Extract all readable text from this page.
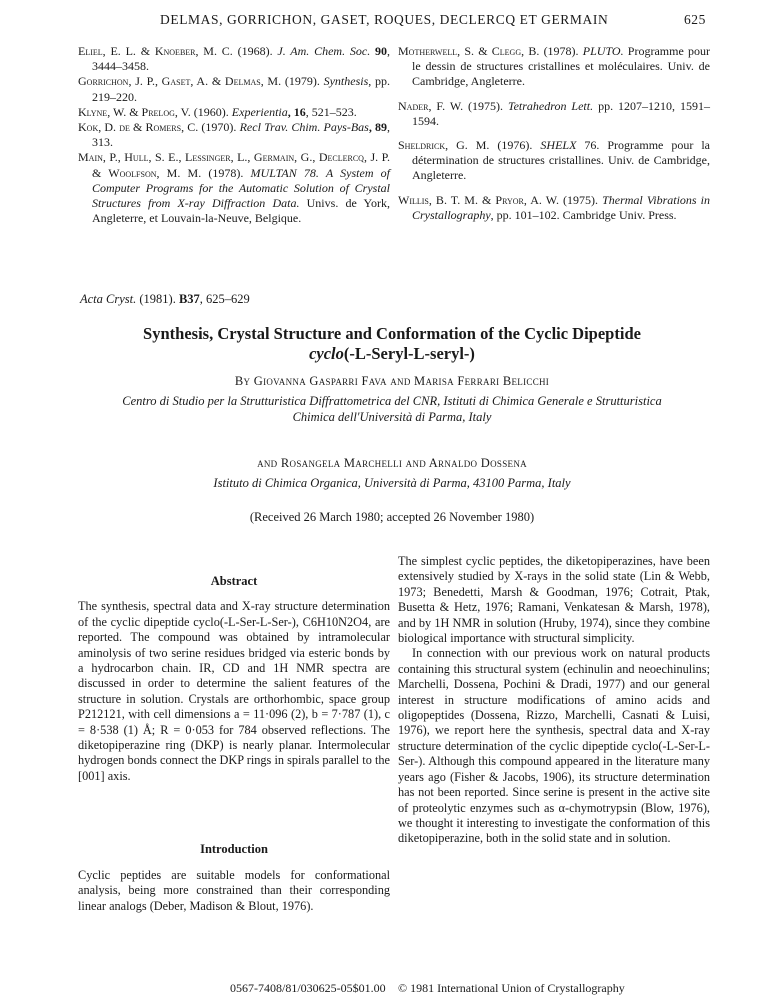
DELMAS, GORRICHON, GASET, ROQUES, DECLERCQ ET GERMAIN	625

Eliel, E. L. & Knoeber, M. C. (1968). J. Am. Chem. Soc. 90, 3444–3458.

Gorrichon, J. P., Gaset, A. & Delmas, M. (1979). Synthesis, pp. 219–220.

Klyne, W. & Prelog, V. (1960). Experientia, 16, 521–523.

Kok, D. de & Romers, C. (1970). Recl Trav. Chim. Pays-Bas, 89, 313.

Main, P., Hull, S. E., Lessinger, L., Germain, G., Declercq, J. P. & Woolfson, M. M. (1978). MULTAN 78. A System of Computer Programs for the Automatic Solution of Crystal Structures from X-ray Diffraction Data. Univs. de York, Angleterre, et Louvain-la-Neuve, Belgique.

Motherwell, S. & Clegg, B. (1978). PLUTO. Programme pour le dessin de structures cristallines et moléculaires. Univ. de Cambridge, Angleterre.

Nader, F. W. (1975). Tetrahedron Lett. pp. 1207–1210, 1591–1594.

Sheldrick, G. M. (1976). SHELX 76. Programme pour la détermination de structures cristallines. Univ. de Cambridge, Angleterre.

Willis, B. T. M. & Pryor, A. W. (1975). Thermal Vibrations in Crystallography, pp. 101–102. Cambridge Univ. Press.

Acta Cryst. (1981). B37, 625–629
Synthesis, Crystal Structure and Conformation of the Cyclic Dipeptide
cyclo(-L-Seryl-L-seryl-)
By Giovanna Gasparri Fava and Marisa Ferrari Belicchi
Centro di Studio per la Strutturistica Diffrattometrica del CNR, Istituti di Chimica Generale e Strutturistica
Chimica dell'Università di Parma, Italy
and Rosangela Marchelli and Arnaldo Dossena
Istituto di Chimica Organica, Università di Parma, 43100 Parma, Italy
(Received 26 March 1980; accepted 26 November 1980)
Abstract

The synthesis, spectral data and X-ray structure determination of the cyclic dipeptide cyclo(-L-Ser-L-Ser-), C6H10N2O4, are reported. The compound was obtained by intramolecular aminolysis of two serine residues bridged via esteric bonds by a hydrocarbon chain. IR, CD and 1H NMR spectra are discussed in order to determine the salient features of the structure in solution. Crystals are orthorhombic, space group P212121, with cell dimensions a = 11·096 (2), b = 7·787 (1), c = 8·538 (1) Å; R = 0·053 for 784 observed reflections. The diketopiperazine ring (DKP) is nearly planar. Intermolecular hydrogen bonds connect the DKP rings in spirals parallel to the [001] axis.

Introduction

Cyclic peptides are suitable models for conformational analysis, being more constrained than their corresponding linear analogs (Deber, Madison & Blout, 1976).

The simplest cyclic peptides, the diketopiperazines, have been extensively studied by X-rays in the solid state (Lin & Webb, 1973; Benedetti, Marsh & Goodman, 1976; Cotrait, Ptak, Busetta & Hetz, 1976; Ramani, Venkatesan & Marsh, 1978), and by 1H NMR in solution (Hruby, 1974), since they combine biological importance with structural simplicity.

In connection with our previous work on natural products containing this structural system (echinulin and neoechinulins; Marchelli, Dossena, Pochini & Dradi, 1977) and our general interest in structure modifications of amino acids and oligopeptides (Dossena, Rizzo, Marchelli, Casnati & Luisi, 1976), we report here the synthesis, spectral data and X-ray structure determination of the cyclic dipeptide cyclo(-L-Ser-L-Ser-). Although this compound appeared in the literature many years ago (Fisher & Jacobs, 1906), its structure determination has not been reported. Since serine is present in the active site of proteolytic enzymes such as α-chymotrypsin (Blow, 1976), we thought it interesting to investigate the conformation of this diketopiperazine, both in the solid state and in solution.

0567-7408/81/030625-05$01.00 © 1981 International Union of Crystallography
